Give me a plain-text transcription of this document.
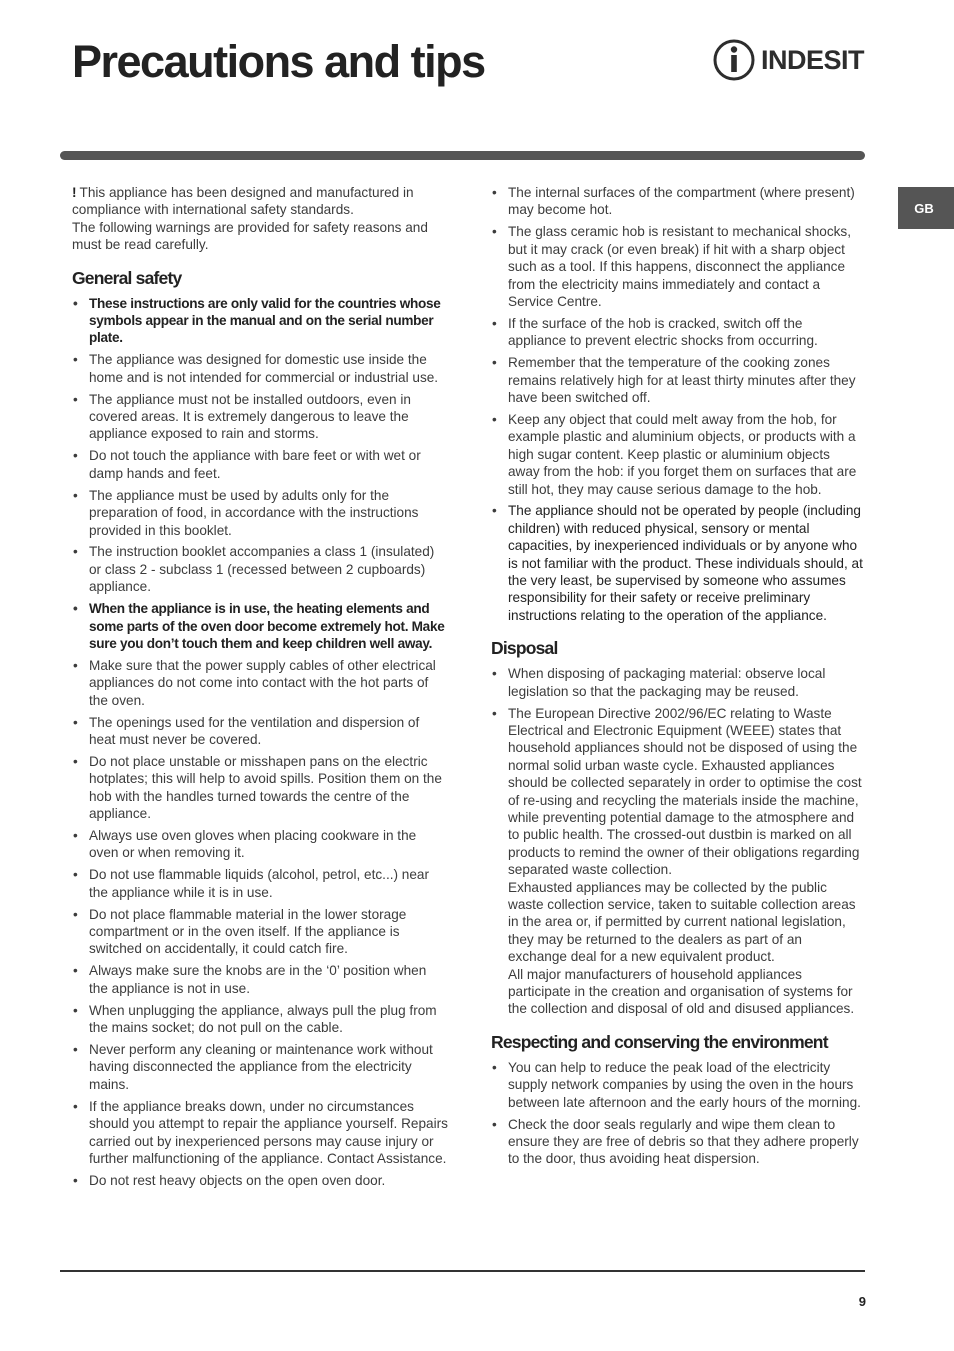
Precautions and tips	INDESIT
GB

! This appliance has been designed and manufactured in compliance with international safety standards.

The following warnings are provided for safety reasons and must be read carefully.

General safety
• These instructions are only valid for the countries whose symbols appear in the manual and on the serial number plate.
• The appliance was designed for domestic use inside the home and is not intended for commercial or industrial use.
• The appliance must not be installed outdoors, even in covered areas. It is extremely dangerous to leave the appliance exposed to rain and storms.
• Do not touch the appliance with bare feet or with wet or damp hands and feet.
• The appliance must be used by adults only for the preparation of food, in accordance with the instructions provided in this booklet.
• The instruction booklet accompanies a class 1 (insulated) or class 2 - subclass 1 (recessed between 2 cupboards) appliance.
• When the appliance is in use, the heating elements and some parts of the oven door become extremely hot. Make sure you don’t touch them and keep children well away.
• Make sure that the power supply cables of other electrical appliances do not come into contact with the hot parts of the oven.
• The openings used for the ventilation and dispersion of heat must never be covered.
• Do not place unstable or misshapen pans on the electric hotplates; this will help to avoid spills. Position them on the hob with the handles turned towards the centre of the appliance.
• Always use oven gloves when placing cookware in the oven or when removing it.
• Do not use flammable liquids (alcohol, petrol, etc...) near the appliance while it is in use.
• Do not place flammable material in the lower storage compartment or in the oven itself. If the appliance is switched on accidentally, it could catch fire.
• Always make sure the knobs are in the ‘0’ position when the appliance is not in use.
• When unplugging the appliance, always pull the plug from the mains socket; do not pull on the cable.
• Never perform any cleaning or maintenance work without having disconnected the appliance from the electricity mains.
• If the appliance breaks down, under no circumstances should you attempt to repair the appliance yourself. Repairs carried out by inexperienced persons may cause injury or further malfunctioning of the appliance. Contact Assistance.
• Do not rest heavy objects on the open oven door.
• The internal surfaces of the compartment (where present) may become hot.
• The glass ceramic hob is resistant to mechanical shocks, but it may crack (or even break) if hit with a sharp object such as a tool. If this happens, disconnect the appliance from the electricity mains immediately and contact a Service Centre.
• If the surface of the hob is cracked, switch off the appliance to prevent electric shocks from occurring.
• Remember that the temperature of the cooking zones remains relatively high for at least thirty minutes after they have been switched off.
• Keep any object that could melt away from the hob, for example plastic and aluminium objects, or products with a high sugar content. Keep plastic or aluminium objects away from the hob: if you forget them on surfaces that are still hot, they may cause serious damage to the hob.
• The appliance should not be operated by people (including children) with reduced physical, sensory or mental capacities, by inexperienced individuals or by anyone who is not familiar with the product. These individuals should, at the very least, be supervised by someone who assumes responsibility for their safety or receive preliminary instructions relating to the operation of the appliance.
Disposal
• When disposing of packaging material: observe local legislation so that the packaging may be reused.
• The European Directive 2002/96/EC relating to Waste Electrical and Electronic Equipment (WEEE) states that household appliances should not be disposed of using the normal solid urban waste cycle. Exhausted appliances should be collected separately in order to optimise the cost of re-using and recycling the materials inside the machine, while preventing potential damage to the atmosphere and to public health. The crossed-out dustbin is marked on all products to remind the owner of their obligations regarding separated waste collection.
Exhausted appliances may be collected by the public waste collection service, taken to suitable collection areas in the area or, if permitted by current national legislation, they may be returned to the dealers as part of an exchange deal for a new equivalent product.
All major manufacturers of household appliances participate in the creation and organisation of systems for the collection and disposal of old and disused appliances.
Respecting and conserving the environment
• You can help to reduce the peak load of the electricity supply network companies by using the oven in the hours between late afternoon and the early hours of the morning.
• Check the door seals regularly and wipe them clean to ensure they are free of debris so that they adhere properly to the door, thus avoiding heat dispersion.
9
